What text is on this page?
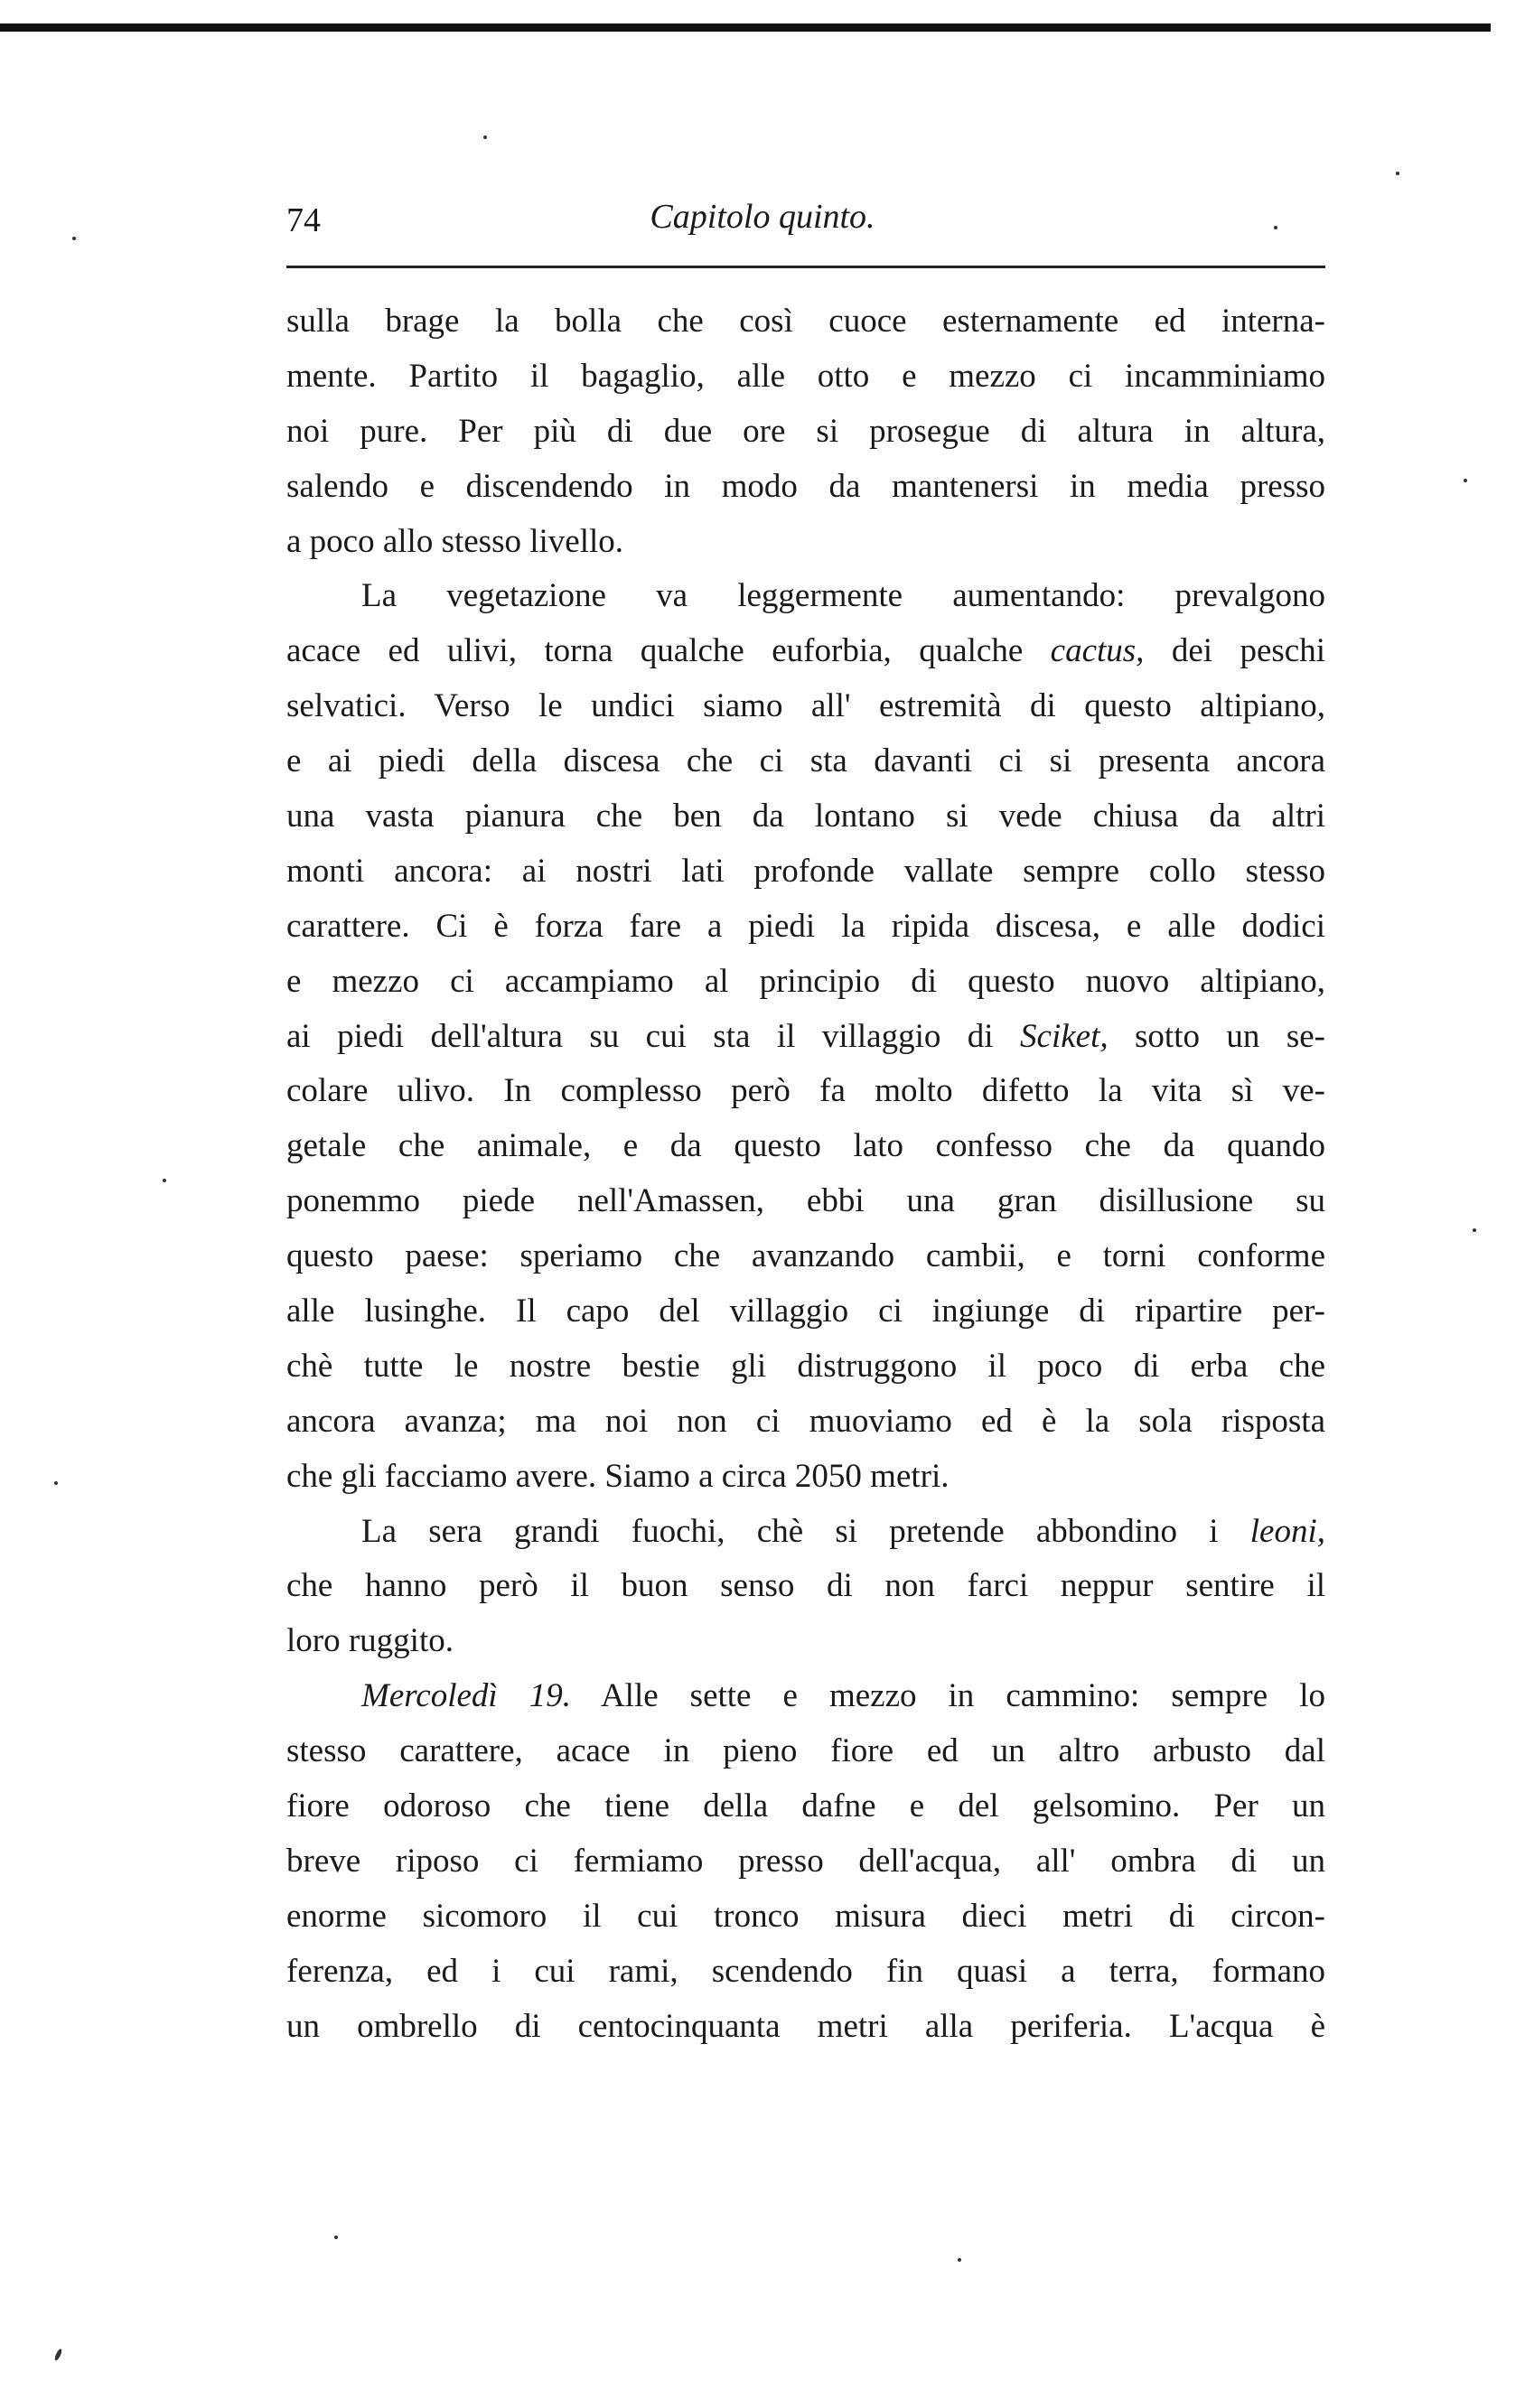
74	Capitolo quinto.
sulla brage la bolla che così cuoce esternamente ed interna-
mente. Partito il bagaglio, alle otto e mezzo ci incamminiamo
noi pure. Per più di due ore si prosegue di altura in altura,
salendo e discendendo in modo da mantenersi in media presso
a poco allo stesso livello.
La vegetazione va leggermente aumentando: prevalgono
acace ed ulivi, torna qualche euforbia, qualche cactus, dei peschi
selvatici. Verso le undici siamo all' estremità di questo altipiano,
e ai piedi della discesa che ci sta davanti ci si presenta ancora
una vasta pianura che ben da lontano si vede chiusa da altri
monti ancora: ai nostri lati profonde vallate sempre collo stesso
carattere. Ci è forza fare a piedi la ripida discesa, e alle dodici
e mezzo ci accampiamo al principio di questo nuovo altipiano,
ai piedi dell'altura su cui sta il villaggio di Sciket, sotto un se-
colare ulivo. In complesso però fa molto difetto la vita sì ve-
getale che animale, e da questo lato confesso che da quando
ponemmo piede nell'Amassen, ebbi una gran disillusione su
questo paese: speriamo che avanzando cambii, e torni conforme
alle lusinghe. Il capo del villaggio ci ingiunge di ripartire per-
chè tutte le nostre bestie gli distruggono il poco di erba che
ancora avanza; ma noi non ci muoviamo ed è la sola risposta
che gli facciamo avere. Siamo a circa 2050 metri.
La sera grandi fuochi, chè si pretende abbondino i leoni,
che hanno però il buon senso di non farci neppur sentire il
loro ruggito.
Mercoledì 19. Alle sette e mezzo in cammino: sempre lo
stesso carattere, acace in pieno fiore ed un altro arbusto dal
fiore odoroso che tiene della dafne e del gelsomino. Per un
breve riposo ci fermiamo presso dell'acqua, all' ombra di un
enorme sicomoro il cui tronco misura dieci metri di circon-
ferenza, ed i cui rami, scendendo fin quasi a terra, formano
un ombrello di centocinquanta metri alla periferia. L'acqua è
